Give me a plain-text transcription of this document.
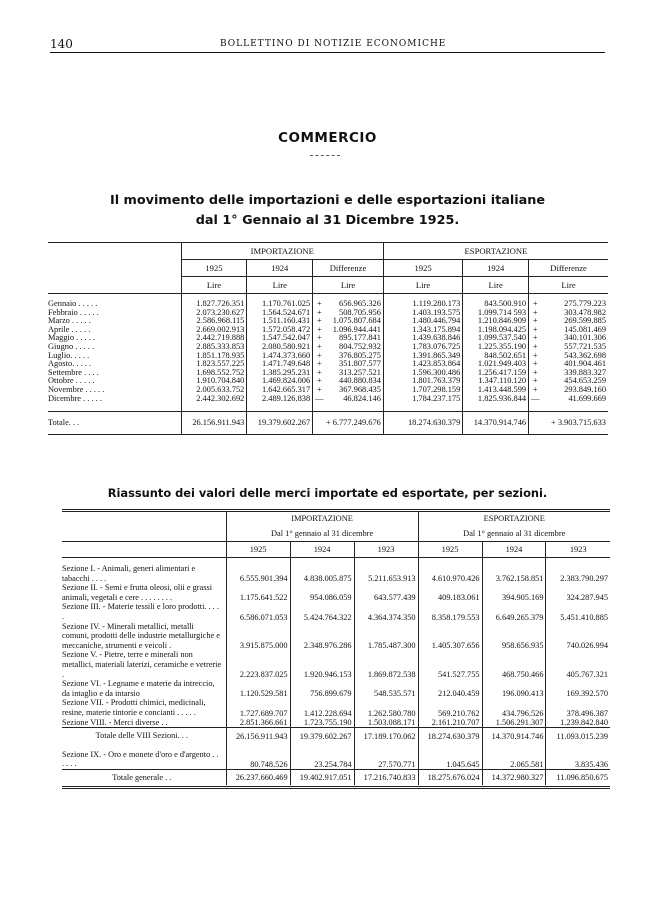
140	BOLLETTINO DI NOTIZIE ECONOMICHE
COMMERCIO
Il movimento delle importazioni e delle esportazioni italiane
dal 1° Gennaio al 31 Dicembre 1925.
	IMPORTAZIONE				ESPORTAZIONE			
	1925	1924	Differenze		1925	1924	Differenze	
	Lire	Lire	Lire		Lire	Lire	Lire	
Gennaio . . . . .	1.827.726.351	1.170.761.025	+	656.965.326	1.119.280.173	843.500.910	+	275.779.223
Febbraio . . . . .	2.073.230.627	1.564.524.671	+	508.705.956	1.403.193.575	1.099.714 593	+	303.478.982
Marzo . . . . .	2.586.968.115	1.511.160.431	+	1.075.807.684	1.480.446.794	1.210.846.909	+	269.599.885
Aprile . . . . .	2.669.002.913	1.572.058.472	+	1.096.944.441	1.343.175.894	1.198.094.425	+	145.081.469
Maggio . . . . .	2.442.719.888	1.547.542.047	+	895.177.841	1.439.638.846	1.099.537.540	+	340.101.306
Giugno . . . . .	2.885.333.853	2.080.580.921	+	804.752.932	1.783.076.725	1.225.355.190	+	557.721.535
Luglio. . . . .	1.851.178.935	1.474.373.660	+	376.805.275	1.391.865.349	848.502.651	+	543.362.698
Agosto. . . . .	1.823.557.225	1.471.749.648	+	351.807.577	1.423.853.864	1.021.949.403	+	401.904.461
Settembre . . . .	1.698.552.752	1.385.295.231	+	313.257.521	1.596.300.486	1.256.417.159	+	339.883.327
Ottobre . . . . .	1.910.704.840	1.469.824.006	+	440.880.834	1.801.763.379	1.347.110.120	+	454.653.259
Novembre . . . . .	2.005.633.752	1.642.665.317	+	367.968.435	1.707.298.159	1.413.448.599	+	293.849.160
Dicembre . . . . .	2.442.302.692	2.489.126.838	—	46.824.146	1.784.237.175	1.825.936.844	—	41.699.669
Totale. . .	26.156.911.943	19.379.602.267	+ 6.777.249.676		18.274.630.379	14.370.914.746	+ 3.903.715.633	
Riassunto dei valori delle merci importate ed esportate, per sezioni.
	IMPORTAZIONE			ESPORTAZIONE		
	Dal 1° gennaio al 31 dicembre			Dal 1° gennaio al 31 dicembre		
	1925	1924	1923	1925	1924	1923

Sezione I. - Animali, generi alimentari e tabacchi . . . .	6.555.901.394	4.838.005.875	5.211.653.913	4.610.970.426	3.762.158.851	2.383.790.297
Sezione II. - Semi e frutta oleosi, olii e grassi animali, vegetali e cere . . . . . . . .	1.175.641.522	954.086.059	643.577.439	409.183.061	394.905.169	324.287.945
Sezione III. - Materie tessili e loro prodotti. . . . .	6.586.071.053	5.424.764.322	4.364.374.350	8.358.179.553	6.649.265.379	5.451.410.885
Sezione IV. - Minerali metallici, metalli comuni, prodotti delle industrie metallurgiche e meccaniche, strumenti e veicoli .	3.915.875.000	2.348.976.286	1.785.487.300	1.405.307.656	958.656.935	740.026.994
Sezione V. - Pietre, terre e minerali non metallici, materiali laterizi, ceramiche e vetrerie .	2.223.837.025	1.920.946.153	1.869.872.538	541.527.755	468.750.466	405.767.321
Sezione VI. - Legname e materie da intreccio, da intaglio e da intarsio	1.120.529.581	756.899.679	548.535.571	212.040.459	196.090.413	169.392.570
Sezione VII. - Prodotti chimici, medicinali, resine, materie tintorie e concianti . . . . .	1.727.689.707	1.412.228.694	1.262.580.780	569.210.762	434.796.526	378.496.387
Sezione VIII. - Merci diverse . .	2.851.366.661	1.723.755.190	1.503.088.171	2.161.210.707	1.506.291.307	1.239.842.840
Totale delle VIII Sezioni. . .	26.156.911.943	19.379.602.267	17.189.170.062	18.274.630.379	14.370.914.746	11.093.015.239

Sezione IX. - Oro e monete d'oro e d'argento . . . . . .	80.748.526	23.254.784	27.570.771	1.045.645	2.065.581	3.835.436
Totale generale . .	26.237.660.469	19.402.917.051	17.216.740.833	18.275.676.024	14.372.980.327	11.096.850.675
